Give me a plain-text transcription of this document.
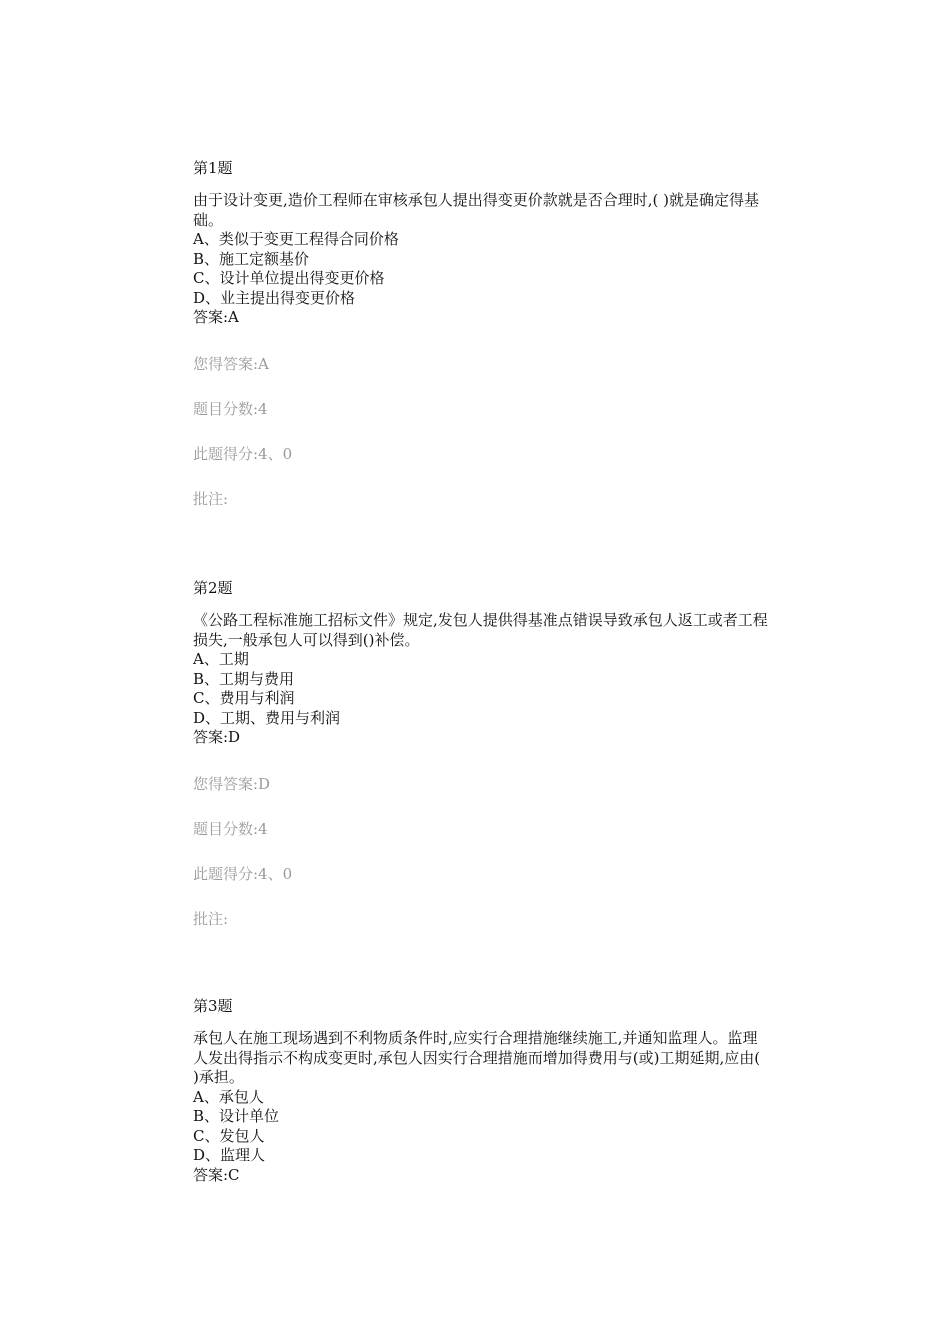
第1题
由于设计变更,造价工程师在审核承包人提出得变更价款就是否合理时,( )就是确定得基础。
A、类似于变更工程得合同价格
B、施工定额基价
C、设计单位提出得变更价格
D、业主提出得变更价格
答案:A
您得答案:A
题目分数:4
此题得分:4、0
批注:
第2题
《公路工程标准施工招标文件》规定,发包人提供得基准点错误导致承包人返工或者工程损失,一般承包人可以得到()补偿。
A、工期
B、工期与费用
C、费用与利润
D、工期、费用与利润
答案:D
您得答案:D
题目分数:4
此题得分:4、0
批注:
第3题
承包人在施工现场遇到不利物质条件时,应实行合理措施继续施工,并通知监理人。监理人发出得指示不构成变更时,承包人因实行合理措施而增加得费用与(或)工期延期,应由( )承担。
A、承包人
B、设计单位
C、发包人
D、监理人
答案:C
